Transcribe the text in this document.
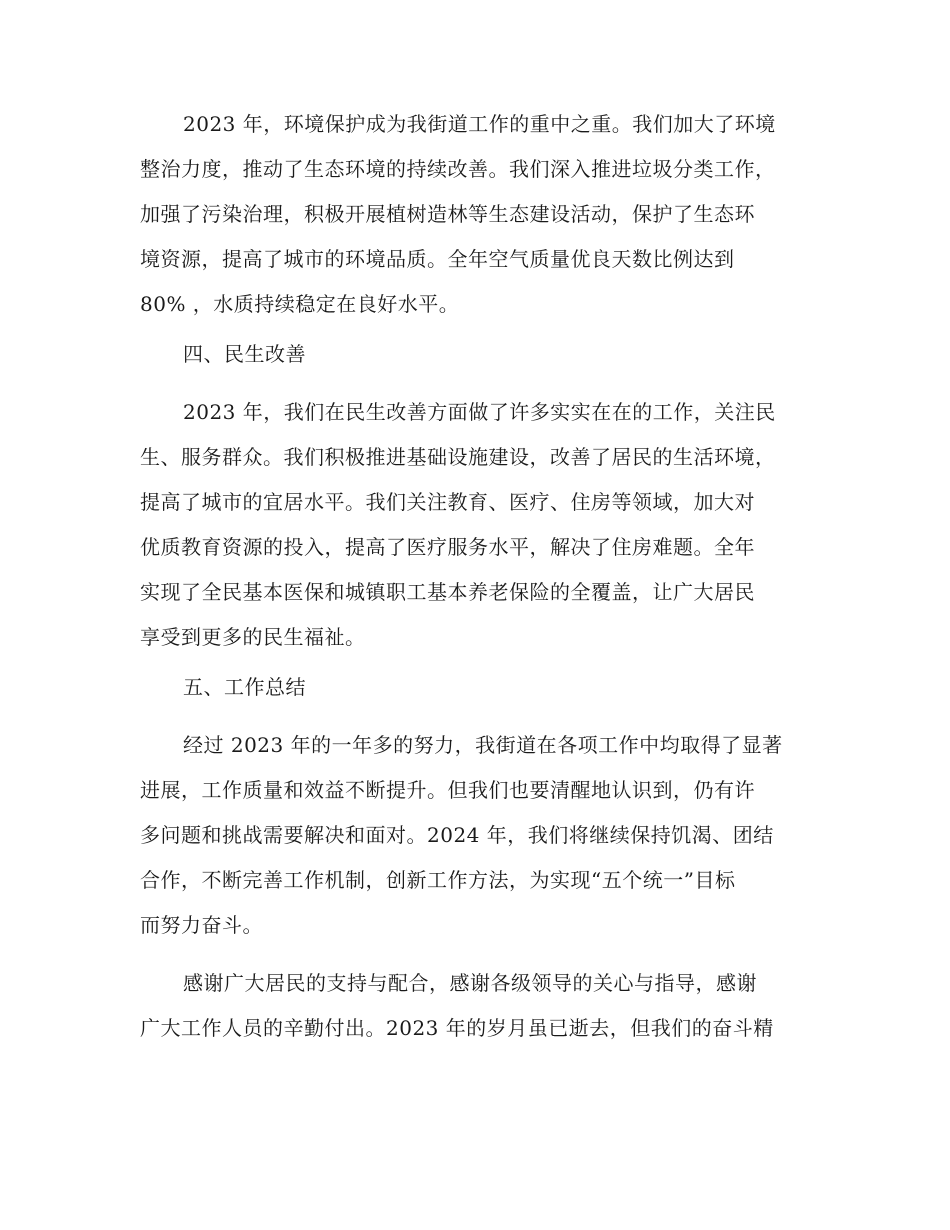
2023 年，环境保护成为我街道工作的重中之重。我们加大了环境
整治力度，推动了生态环境的持续改善。我们深入推进垃圾分类工作，
加强了污染治理，积极开展植树造林等生态建设活动，保护了生态环
境资源，提高了城市的环境品质。全年空气质量优良天数比例达到
80% ，水质持续稳定在良好水平。
四、民生改善
2023 年，我们在民生改善方面做了许多实实在在的工作，关注民
生、服务群众。我们积极推进基础设施建设，改善了居民的生活环境，
提高了城市的宜居水平。我们关注教育、医疗、住房等领域，加大对
优质教育资源的投入，提高了医疗服务水平，解决了住房难题。全年
实现了全民基本医保和城镇职工基本养老保险的全覆盖，让广大居民
享受到更多的民生福祉。
五、工作总结
经过 2023 年的一年多的努力，我街道在各项工作中均取得了显著
进展，工作质量和效益不断提升。但我们也要清醒地认识到，仍有许
多问题和挑战需要解决和面对。2024 年，我们将继续保持饥渴、团结
合作，不断完善工作机制，创新工作方法，为实现“五个统一”目标
而努力奋斗。
感谢广大居民的支持与配合，感谢各级领导的关心与指导，感谢
广大工作人员的辛勤付出。2023 年的岁月虽已逝去，但我们的奋斗精
